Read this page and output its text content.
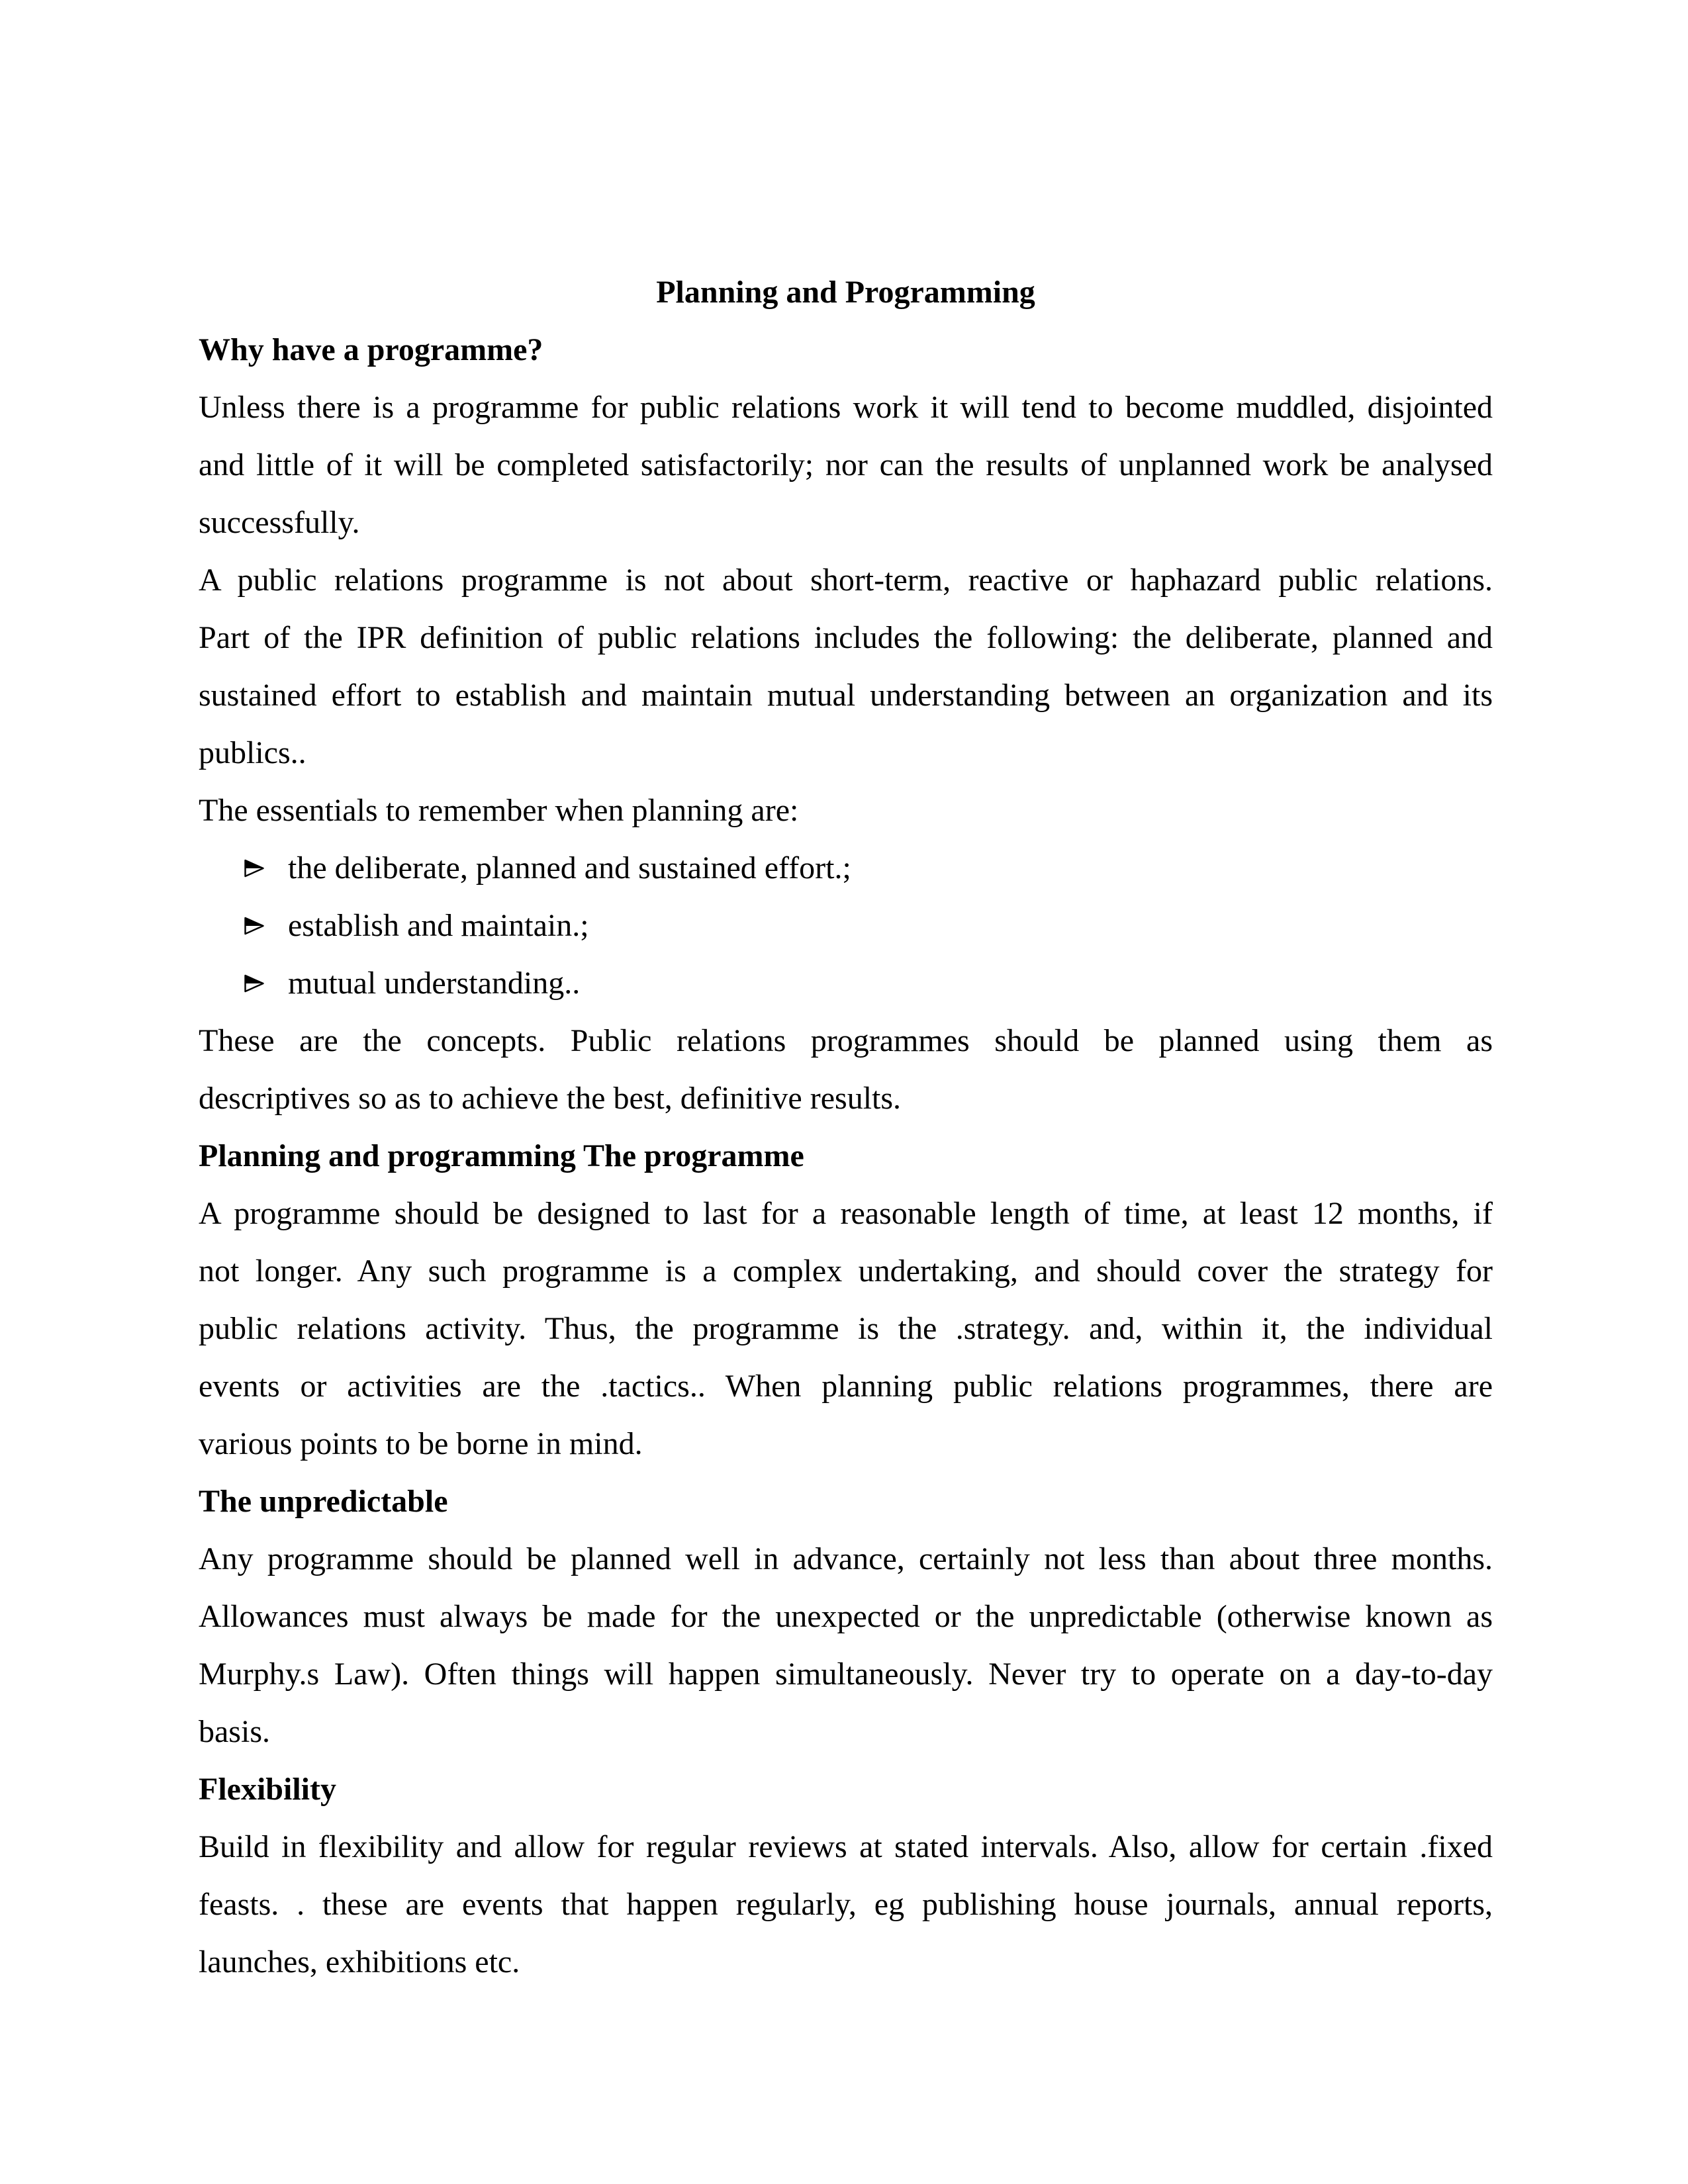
Planning and Programming
Why have a programme?
Unless there is a programme for public relations work it will tend to become muddled, disjointed
and little of it will be completed satisfactorily; nor can the results of unplanned work be analysed
successfully.
A public relations programme is not about short-term, reactive or haphazard public relations.
Part of the IPR definition of public relations includes the following: the deliberate, planned and
sustained effort to establish and maintain mutual understanding between an organization and its
publics..
The essentials to remember when planning are:
the deliberate, planned and sustained effort.;
establish and maintain.;
mutual understanding..
These are the concepts. Public relations programmes should be planned using them as
descriptives so as to achieve the best, definitive results.
Planning and programming The programme
A programme should be designed to last for a reasonable length of time, at least 12 months, if
not longer. Any such programme is a complex undertaking, and should cover the strategy for
public relations activity. Thus, the programme is the .strategy. and, within it, the individual
events or activities are the .tactics.. When planning public relations programmes, there are
various points to be borne in mind.
The unpredictable
Any programme should be planned well in advance, certainly not less than about three months.
Allowances must always be made for the unexpected or the unpredictable (otherwise known as
Murphy.s Law). Often things will happen simultaneously. Never try to operate on a day-to-day
basis.
Flexibility
Build in flexibility and allow for regular reviews at stated intervals. Also, allow for certain .fixed
feasts. . these are events that happen regularly, eg publishing house journals, annual reports,
launches, exhibitions etc.
